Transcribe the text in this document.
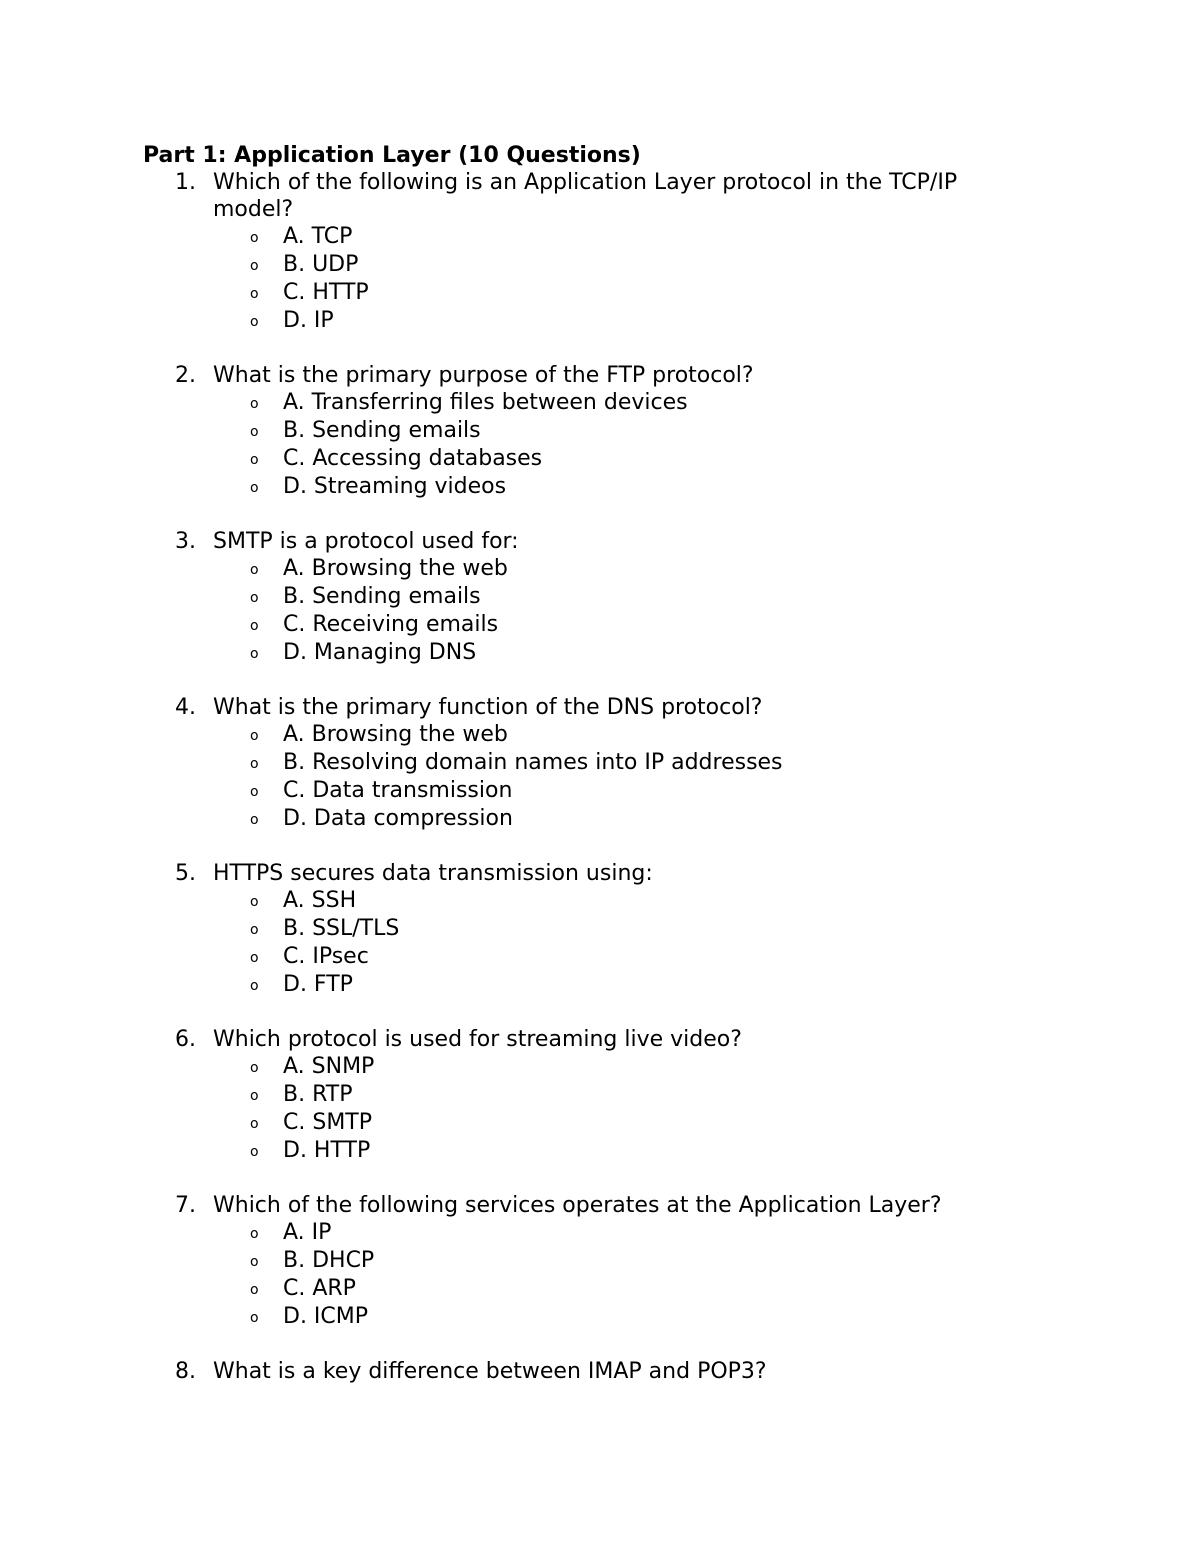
Part 1: Application Layer (10 Questions)
1. Which of the following is an Application Layer protocol in the TCP/IP model?
o A. TCP
o B. UDP
o C. HTTP
o D. IP
2. What is the primary purpose of the FTP protocol?
o A. Transferring files between devices
o B. Sending emails
o C. Accessing databases
o D. Streaming videos
3. SMTP is a protocol used for:
o A. Browsing the web
o B. Sending emails
o C. Receiving emails
o D. Managing DNS
4. What is the primary function of the DNS protocol?
o A. Browsing the web
o B. Resolving domain names into IP addresses
o C. Data transmission
o D. Data compression
5. HTTPS secures data transmission using:
o A. SSH
o B. SSL/TLS
o C. IPsec
o D. FTP
6. Which protocol is used for streaming live video?
o A. SNMP
o B. RTP
o C. SMTP
o D. HTTP
7. Which of the following services operates at the Application Layer?
o A. IP
o B. DHCP
o C. ARP
o D. ICMP
8. What is a key difference between IMAP and POP3?
